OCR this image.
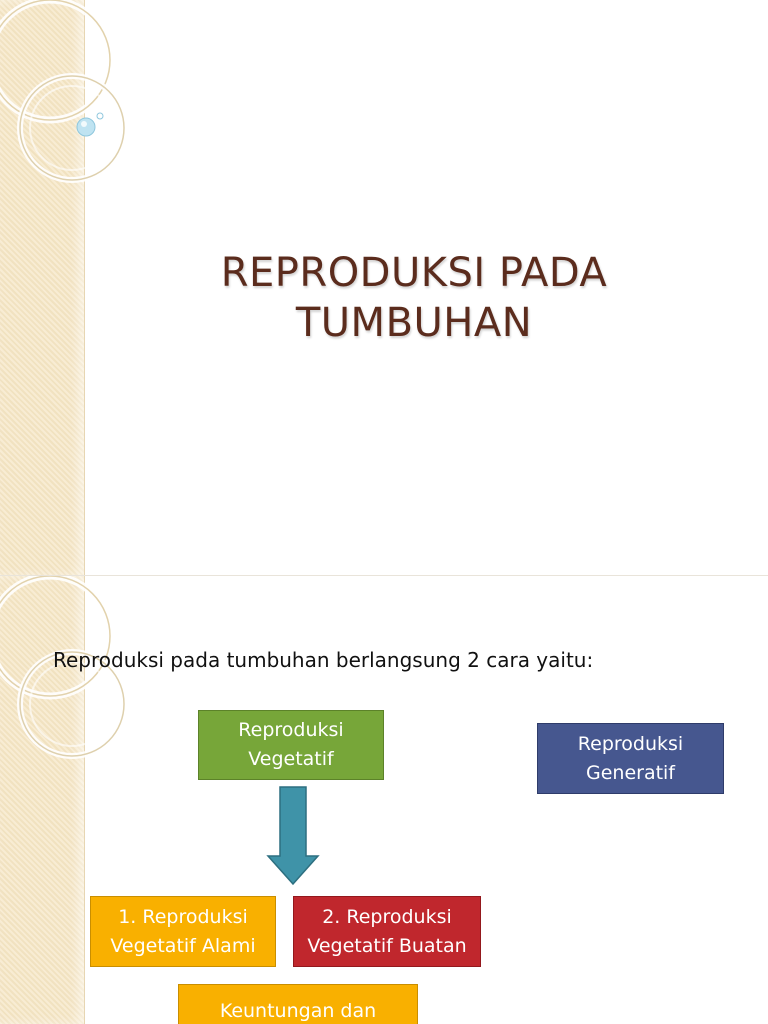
REPRODUKSI PADA
TUMBUHAN
Reproduksi pada tumbuhan berlangsung 2 cara yaitu:
Reproduksi
Vegetatif
Reproduksi
Generatif
1. Reproduksi
Vegetatif Alami
2. Reproduksi
Vegetatif Buatan
Keuntungan dan
